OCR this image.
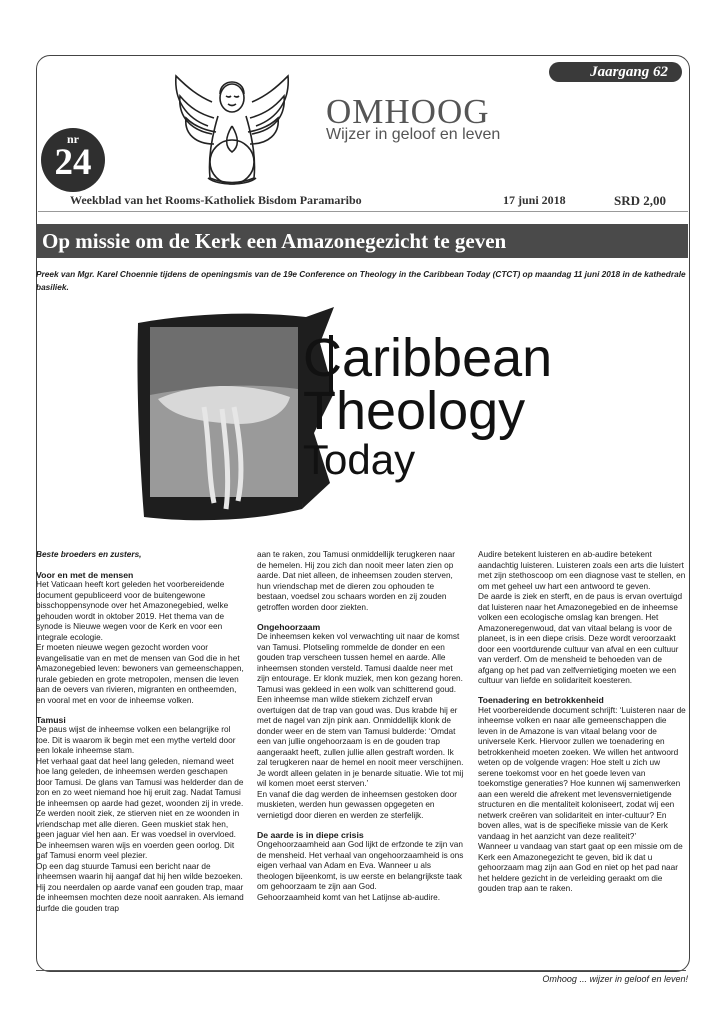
Jaargang 62
OMHOOG
Wijzer in geloof en leven
nr
24
Weekblad van het Rooms-Katholiek Bisdom Paramaribo	17 juni 2018	SRD 2,00
Op missie om de Kerk een Amazonegezicht te geven
Preek van Mgr. Karel Choennie tijdens de openingsmis van de 19e Conference on Theology in the Caribbean Today (CTCT) op maandag 11 juni 2018 in de kathedrale basiliek.
Caribbean
Theology
Today

Beste broeders en zusters,

Voor en met de mensen

Het Vaticaan heeft kort geleden het voorbereidende document gepubliceerd voor de buitengewone bisschoppensynode over het Amazonegebied, welke gehouden wordt in oktober 2019. Het thema van de synode is Nieuwe wegen voor de Kerk en voor een integrale ecologie.

Er moeten nieuwe wegen gezocht worden voor evangelisatie van en met de mensen van God die in het Amazonegebied leven: bewoners van gemeenschappen, rurale gebieden en grote metropolen, mensen die leven aan de oevers van rivieren, migranten en ontheemden, en vooral met en voor de inheemse volken.

Tamusi

De paus wijst de inheemse volken een belangrijke rol toe. Dit is waarom ik begin met een mythe verteld door een lokale inheemse stam.

Het verhaal gaat dat heel lang geleden, niemand weet hoe lang geleden, de inheemsen werden geschapen door Tamusi. De glans van Tamusi was helderder dan de zon en zo weet niemand hoe hij eruit zag. Nadat Tamusi de inheemsen op aarde had gezet, woonden zij in vrede. Ze werden nooit ziek, ze stierven niet en ze woonden in vriendschap met alle dieren. Geen muskiet stak hen, geen jaguar viel hen aan. Er was voedsel in overvloed. De inheemsen waren wijs en voerden geen oorlog. Dit gaf Tamusi enorm veel plezier.

Op een dag stuurde Tamusi een bericht naar de inheemsen waarin hij aangaf dat hij hen wilde bezoeken. Hij zou neerdalen op aarde vanaf een gouden trap, maar de inheemsen mochten deze nooit aanraken. Als iemand durfde die gouden trap

aan te raken, zou Tamusi onmiddellijk terugkeren naar de hemelen. Hij zou zich dan nooit meer laten zien op aarde. Dat niet alleen, de inheemsen zouden sterven, hun vriendschap met de dieren zou ophouden te bestaan, voedsel zou schaars worden en zij zouden getroffen worden door ziekten.

Ongehoorzaam

De inheemsen keken vol verwachting uit naar de komst van Tamusi. Plotseling rommelde de donder en een gouden trap verscheen tussen hemel en aarde. Alle inheemsen stonden versteld. Tamusi daalde neer met zijn entourage. Er klonk muziek, men kon gezang horen. Tamusi was gekleed in een wolk van schitterend goud.

Een inheemse man wilde stiekem zichzelf ervan overtuigen dat de trap van goud was. Dus krabde hij er met de nagel van zijn pink aan. Onmiddellijk klonk de donder weer en de stem van Tamusi bulderde: ‘Omdat een van jullie ongehoorzaam is en de gouden trap aangeraakt heeft, zullen jullie allen gestraft worden. Ik zal terugkeren naar de hemel en nooit meer verschijnen. Je wordt alleen gelaten in je benarde situatie. Wie tot mij wil komen moet eerst sterven.’

En vanaf die dag werden de inheemsen gestoken door muskieten, werden hun gewassen opgegeten en vernietigd door dieren en werden ze sterfelijk.

De aarde is in diepe crisis

Ongehoorzaamheid aan God lijkt de erfzonde te zijn van de mensheid. Het verhaal van ongehoorzaamheid is ons eigen verhaal van Adam en Eva. Wanneer u als theologen bijeenkomt, is uw eerste en belangrijkste taak om gehoorzaam te zijn aan God.

Gehoorzaamheid komt van het Latijnse ab-audire.

Audire betekent luisteren en ab-audire betekent aandachtig luisteren. Luisteren zoals een arts die luistert met zijn stethoscoop om een diagnose vast te stellen, en om met geheel uw hart een antwoord te geven.

De aarde is ziek en sterft, en de paus is ervan overtuigd dat luisteren naar het Amazonegebied en de inheemse volken een ecologische omslag kan brengen. Het Amazoneregenwoud, dat van vitaal belang is voor de planeet, is in een diepe crisis. Deze wordt veroorzaakt door een voortdurende cultuur van afval en een cultuur van verderf. Om de mensheid te behoeden van de afgang op het pad van zelfvernietiging moeten we een cultuur van liefde en solidariteit koesteren.

Toenadering en betrokkenheid

Het voorbereidende document schrijft: ‘Luisteren naar de inheemse volken en naar alle gemeenschappen die leven in de Amazone is van vitaal belang voor de universele Kerk. Hiervoor zullen we toenadering en betrokkenheid moeten zoeken. We willen het antwoord weten op de volgende vragen: Hoe stelt u zich uw serene toekomst voor en het goede leven van toekomstige generaties? Hoe kunnen wij samenwerken aan een wereld die afrekent met levensvernietigende structuren en die mentaliteit koloniseert, zodat wij een netwerk creëren van solidariteit en inter-cultuur? En boven alles, wat is de specifieke missie van de Kerk vandaag in het aanzicht van deze realiteit?’

Wanneer u vandaag van start gaat op een missie om de Kerk een Amazonegezicht te geven, bid ik dat u gehoorzaam mag zijn aan God en niet op het pad naar het heldere gezicht in de verleiding geraakt om die gouden trap aan te raken.

Omhoog ... wijzer in geloof en leven!
